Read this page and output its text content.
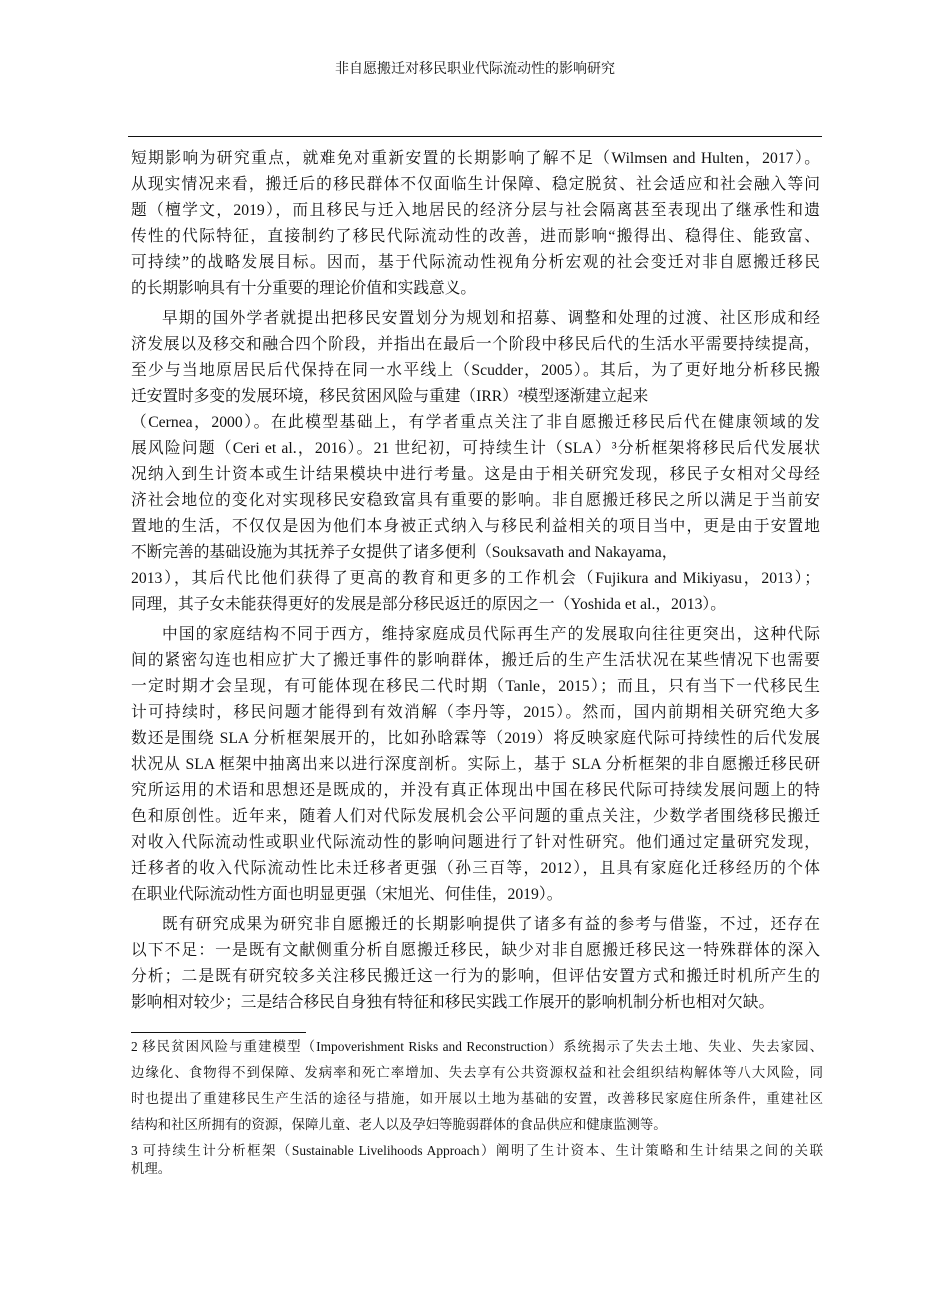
非自愿搬迁对移民职业代际流动性的影响研究
短期影响为研究重点，就难免对重新安置的长期影响了解不足（Wilmsen and Hulten，2017）。
从现实情况来看，搬迁后的移民群体不仅面临生计保障、稳定脱贫、社会适应和社会融入等问
题（檀学文，2019），而且移民与迁入地居民的经济分层与社会隔离甚至表现出了继承性和遗
传性的代际特征，直接制约了移民代际流动性的改善，进而影响“搬得出、稳得住、能致富、
可持续”的战略发展目标。因而，基于代际流动性视角分析宏观的社会变迁对非自愿搬迁移民
的长期影响具有十分重要的理论价值和实践意义。
早期的国外学者就提出把移民安置划分为规划和招募、调整和处理的过渡、社区形成和经
济发展以及移交和融合四个阶段，并指出在最后一个阶段中移民后代的生活水平需要持续提高，
至少与当地原居民后代保持在同一水平线上（Scudder，2005）。其后，为了更好地分析移民搬
迁安置时多变的发展环境，移民贫困风险与重建（IRR）²模型逐渐建立起来
（Cernea，2000）。在此模型基础上，有学者重点关注了非自愿搬迁移民后代在健康领域的发
展风险问题（Ceri et al.，2016）。21 世纪初，可持续生计（SLA）³分析框架将移民后代发展状
况纳入到生计资本或生计结果模块中进行考量。这是由于相关研究发现，移民子女相对父母经
济社会地位的变化对实现移民安稳致富具有重要的影响。非自愿搬迁移民之所以满足于当前安
置地的生活，不仅仅是因为他们本身被正式纳入与移民利益相关的项目当中，更是由于安置地
不断完善的基础设施为其抚养子女提供了诸多便利（Souksavath and Nakayama，
2013），其后代比他们获得了更高的教育和更多的工作机会（Fujikura and Mikiyasu，2013）；
同理，其子女未能获得更好的发展是部分移民返迁的原因之一（Yoshida et al.，2013）。
中国的家庭结构不同于西方，维持家庭成员代际再生产的发展取向往往更突出，这种代际
间的紧密勾连也相应扩大了搬迁事件的影响群体，搬迁后的生产生活状况在某些情况下也需要
一定时期才会呈现，有可能体现在移民二代时期（Tanle，2015）；而且，只有当下一代移民生
计可持续时，移民问题才能得到有效消解（李丹等，2015）。然而，国内前期相关研究绝大多
数还是围绕 SLA 分析框架展开的，比如孙晗霖等（2019）将反映家庭代际可持续性的后代发展
状况从 SLA 框架中抽离出来以进行深度剖析。实际上，基于 SLA 分析框架的非自愿搬迁移民研
究所运用的术语和思想还是既成的，并没有真正体现出中国在移民代际可持续发展问题上的特
色和原创性。近年来，随着人们对代际发展机会公平问题的重点关注，少数学者围绕移民搬迁
对收入代际流动性或职业代际流动性的影响问题进行了针对性研究。他们通过定量研究发现，
迁移者的收入代际流动性比未迁移者更强（孙三百等，2012），且具有家庭化迁移经历的个体
在职业代际流动性方面也明显更强（宋旭光、何佳佳，2019）。
既有研究成果为研究非自愿搬迁的长期影响提供了诸多有益的参考与借鉴，不过，还存在
以下不足：一是既有文献侧重分析自愿搬迁移民，缺少对非自愿搬迁移民这一特殊群体的深入
分析；二是既有研究较多关注移民搬迁这一行为的影响，但评估安置方式和搬迁时机所产生的
影响相对较少；三是结合移民自身独有特征和移民实践工作展开的影响机制分析也相对欠缺。
2 移民贫困风险与重建模型（Impoverishment Risks and Reconstruction）系统揭示了失去土地、失业、失去家园、
边缘化、食物得不到保障、发病率和死亡率增加、失去享有公共资源权益和社会组织结构解体等八大风险，同
时也提出了重建移民生产生活的途径与措施，如开展以土地为基础的安置，改善移民家庭住所条件，重建社区
结构和社区所拥有的资源，保障儿童、老人以及孕妇等脆弱群体的食品供应和健康监测等。
3 可持续生计分析框架（Sustainable Livelihoods Approach）阐明了生计资本、生计策略和生计结果之间的关联
机理。
